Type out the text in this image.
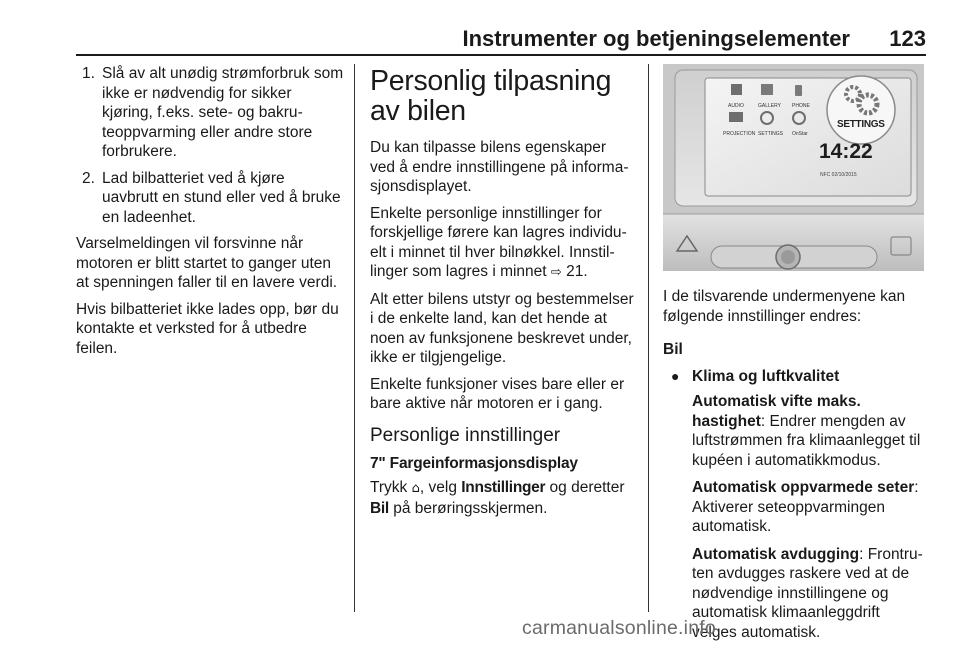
Instrumenter og betjeningselementer 123
1. Slå av alt unødig strømforbruk som ikke er nødvendig for sikker kjøring, f.eks. sete- og bakruteoppvarming eller andre store forbrukere.
2. Lad bilbatteriet ved å kjøre uavbrutt en stund eller ved å bruke en ladeenhet.

Varselmeldingen vil forsvinne når motoren er blitt startet to ganger uten at spenningen faller til en lavere verdi.

Hvis bilbatteriet ikke lades opp, bør du kontakte et verksted for å utbedre feilen.

Personlig tilpasning av bilen

Du kan tilpasse bilens egenskaper ved å endre innstillingene på informasjonsdisplayet.

Enkelte personlige innstillinger for forskjellige førere kan lagres individuelt i minnet til hver bilnøkkel. Innstillinger som lagres i minnet ⇨ 21.

Alt etter bilens utstyr og bestemmelser i de enkelte land, kan det hende at noen av funksjonene beskrevet under, ikke er tilgjengelige.

Enkelte funksjoner vises bare eller er bare aktive når motoren er i gang.

Personlige innstillinger
7" Fargeinformasjonsdisplay

Trykk ⌂, velg Innstillinger og deretter Bil på berøringsskjermen.

AUDIO	GALLERY PHONE
PROJECTION SETTINGS OnStar
SETTINGS
14:22
NFC 02/10/2015

I de tilsvarende undermenyene kan følgende innstillinger endres:

Bil

● Klima og luftkvalitet

Automatisk vifte maks. hastighet: Endrer mengden av luftstrømmen fra klimaanlegget til kupéen i automatikkmodus.

Automatisk oppvarmede seter: Aktiverer seteoppvarmingen automatisk.

Automatisk avdugging: Frontruten avdugges raskere ved at de nødvendige innstillingene og automatisk klimaanleggdrift velges automatisk.

carmanualsonline.info
